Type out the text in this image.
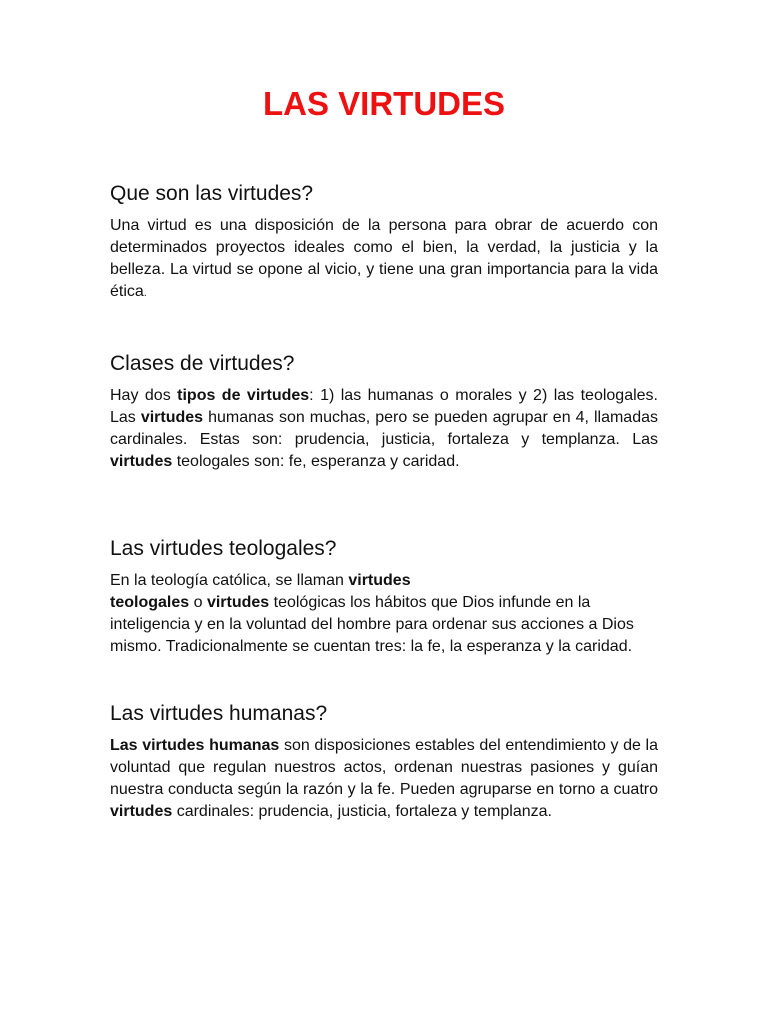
LAS VIRTUDES
Que son las virtudes?

Una virtud es una disposición de la persona para obrar de acuerdo con determinados proyectos ideales como el bien, la verdad, la justicia y la belleza. La virtud se opone al vicio, y tiene una gran importancia para la vida ética.

Clases de virtudes?

Hay dos tipos de virtudes: 1) las humanas o morales y 2) las teologales. Las virtudes humanas son muchas, pero se pueden agrupar en 4, llamadas cardinales. Estas son: prudencia, justicia, fortaleza y templanza. Las virtudes teologales son: fe, esperanza y caridad.

Las virtudes teologales?

En la teología católica, se llaman virtudes
teologales o virtudes teológicas los hábitos que Dios infunde en la inteligencia y en la voluntad del hombre para ordenar sus acciones a Dios mismo. Tradicionalmente se cuentan tres: la fe, la esperanza y la caridad.

Las virtudes humanas?

Las virtudes humanas son disposiciones estables del entendimiento y de la voluntad que regulan nuestros actos, ordenan nuestras pasiones y guían nuestra conducta según la razón y la fe. Pueden agruparse en torno a cuatro virtudes cardinales: prudencia, justicia, fortaleza y templanza.
